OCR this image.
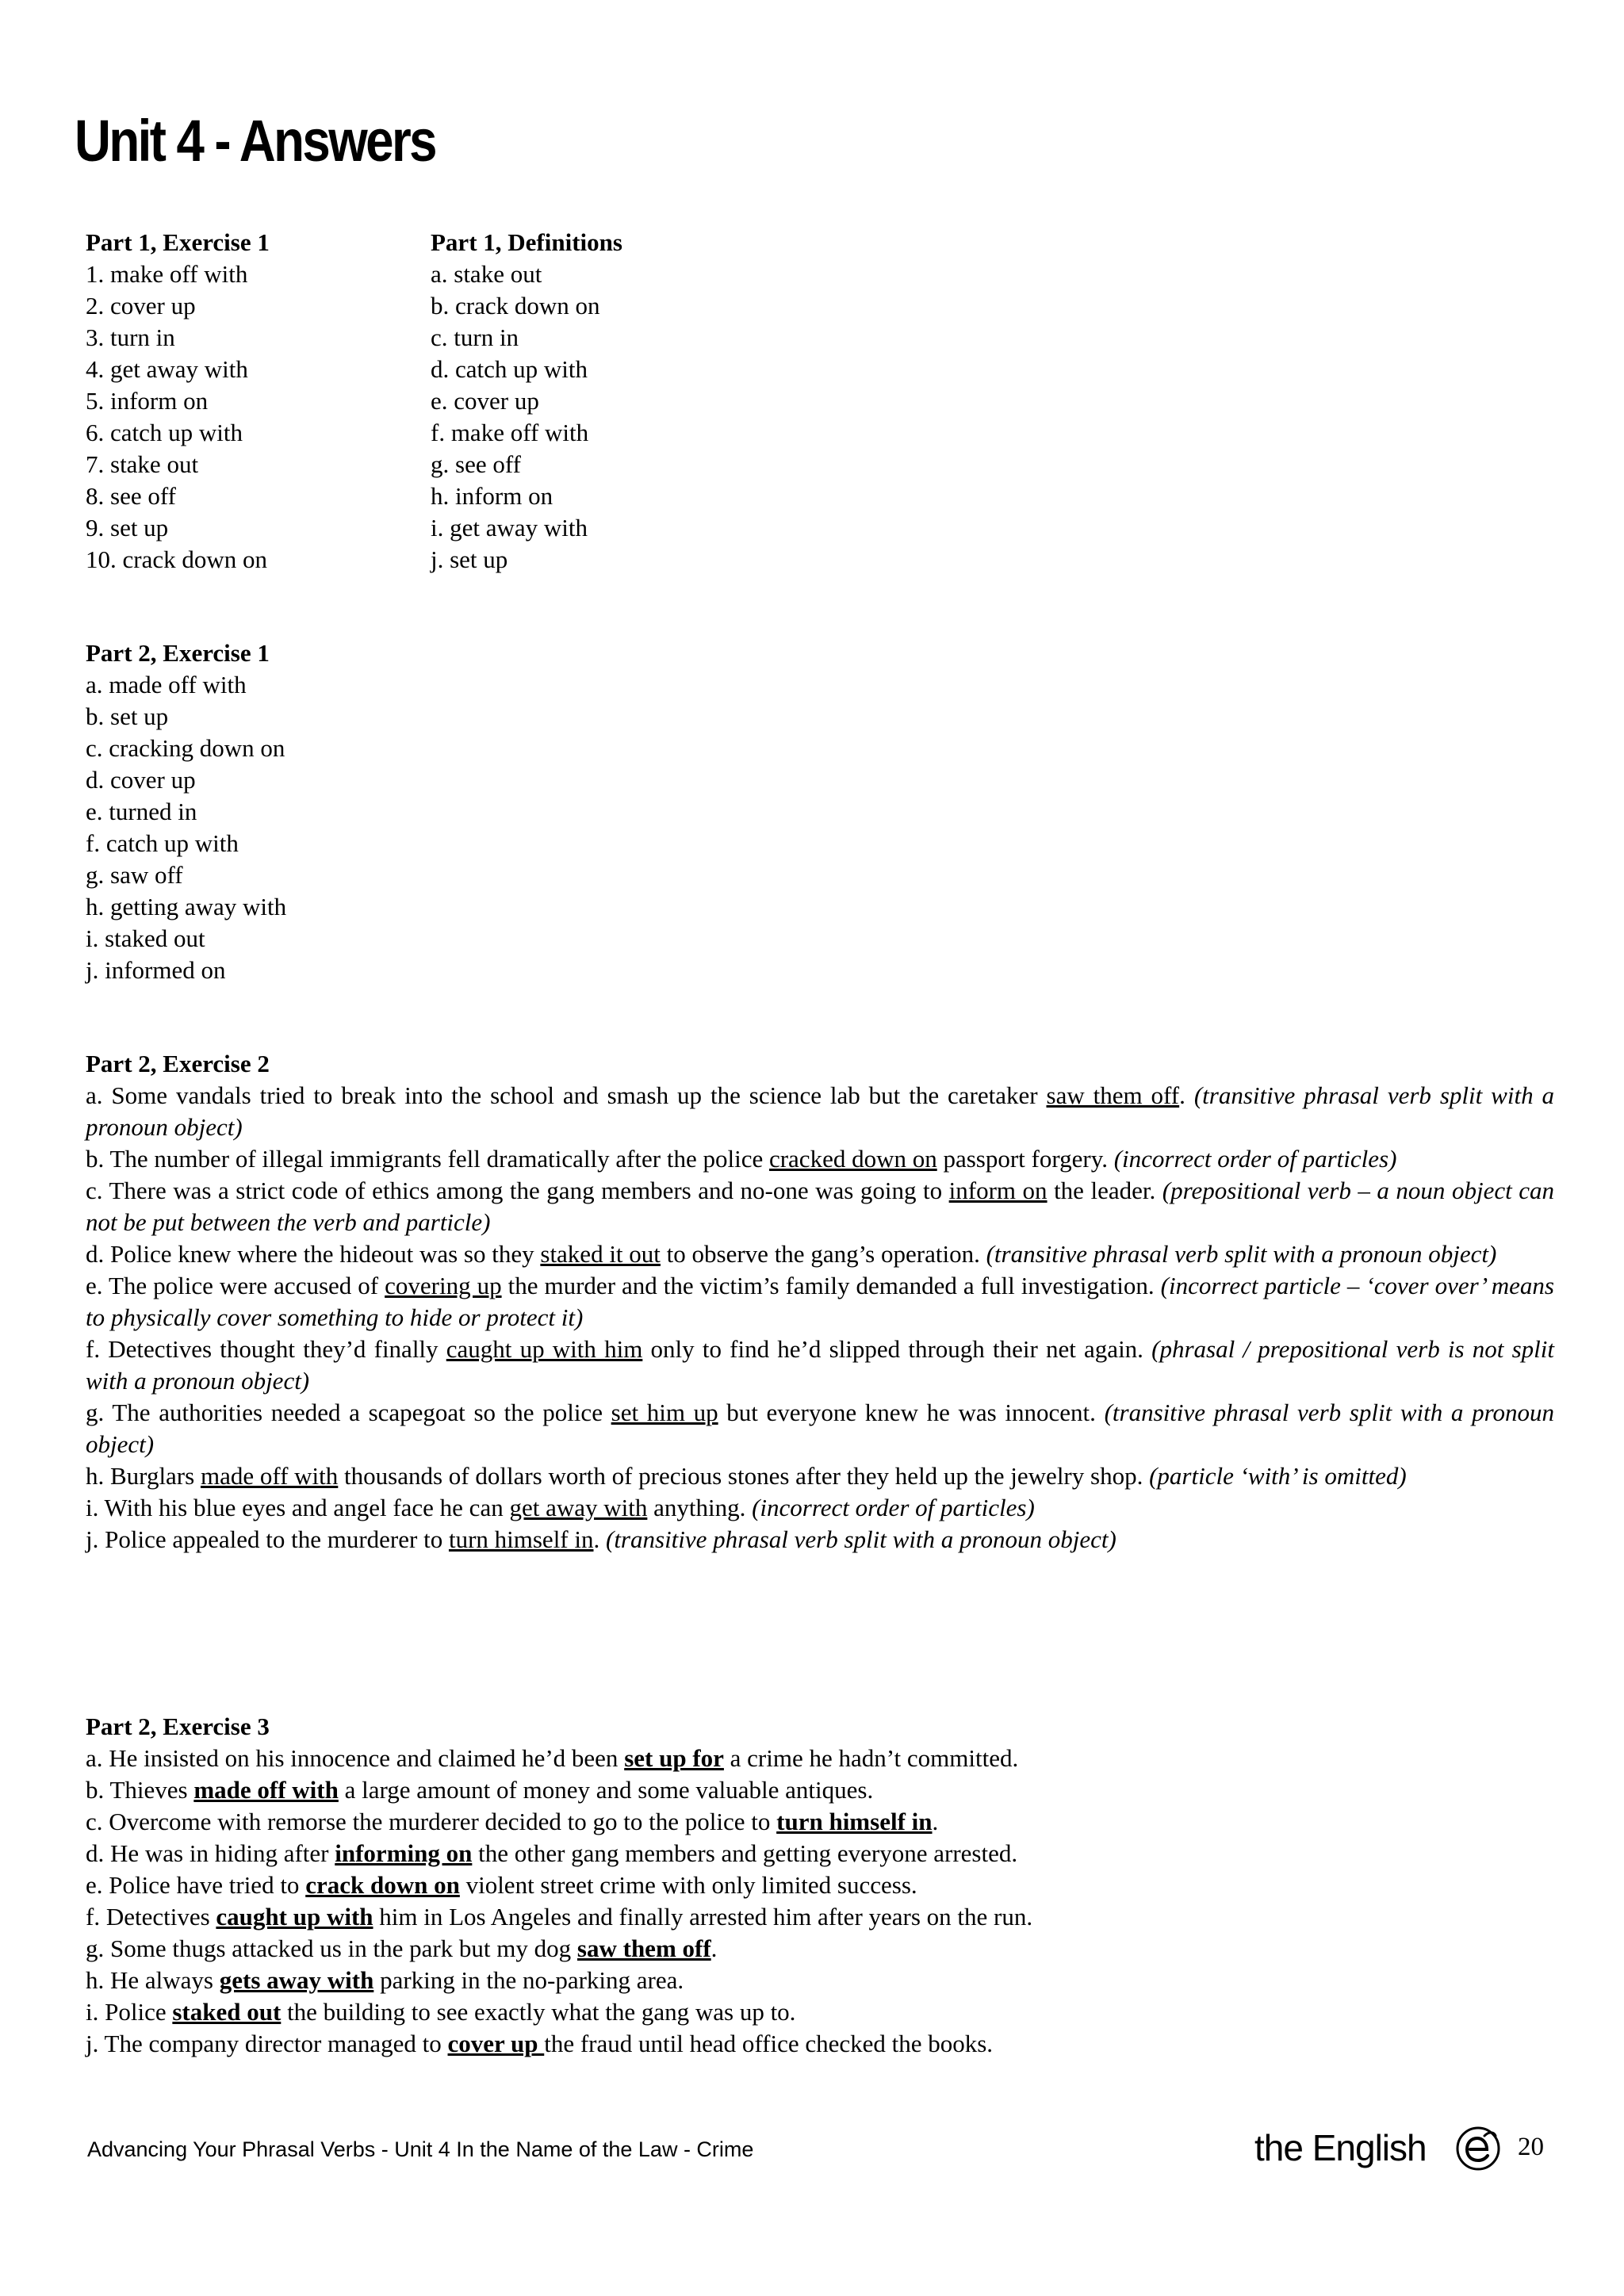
Unit 4 - Answers
Part 1, Exercise 1
1. make off with
2. cover up
3. turn in
4. get away with
5. inform on
6. catch up with
7. stake out
8. see off
9. set up
10. crack down on
Part 1, Definitions
a. stake out
b. crack down on
c. turn in
d. catch up with
e. cover up
f. make off with
g. see off
h. inform on
i. get away with
j. set up
Part 2, Exercise 1
a. made off with
b. set up
c. cracking down on
d. cover up
e. turned in
f. catch up with
g. saw off
h. getting away with
i. staked out
j. informed on
Part 2, Exercise 2
a. Some vandals tried to break into the school and smash up the science lab but the caretaker saw them off. (transitive phrasal verb split with a pronoun object)
b. The number of illegal immigrants fell dramatically after the police cracked down on passport forgery. (incorrect order of particles)
c. There was a strict code of ethics among the gang members and no-one was going to inform on the leader. (prepositional verb – a noun object can not be put between the verb and particle)
d. Police knew where the hideout was so they staked it out to observe the gang’s operation. (transitive phrasal verb split with a pronoun object)
e. The police were accused of covering up the murder and the victim’s family demanded a full investigation. (incorrect particle – ‘cover over’ means to physically cover something to hide or protect it)
f. Detectives thought they’d finally caught up with him only to find he’d slipped through their net again. (phrasal / prepositional verb is not split with a pronoun object)
g. The authorities needed a scapegoat so the police set him up but everyone knew he was innocent. (transitive phrasal verb split with a pronoun object)
h. Burglars made off with thousands of dollars worth of precious stones after they held up the jewelry shop. (particle ‘with’ is omitted)
i. With his blue eyes and angel face he can get away with anything. (incorrect order of particles)
j. Police appealed to the murderer to turn himself in. (transitive phrasal verb split with a pronoun object)
Part 2, Exercise 3
a. He insisted on his innocence and claimed he’d been set up for a crime he hadn’t committed.
b. Thieves made off with a large amount of money and some valuable antiques.
c. Overcome with remorse the murderer decided to go to the police to turn himself in.
d. He was in hiding after informing on the other gang members and getting everyone arrested.
e. Police have tried to crack down on violent street crime with only limited success.
f. Detectives caught up with him in Los Angeles and finally arrested him after years on the run.
g. Some thugs attacked us in the park but my dog saw them off.
h. He always gets away with parking in the no-parking area.
i. Police staked out the building to see exactly what the gang was up to.
j. The company director managed to cover up the fraud until head office checked the books.
Advancing Your Phrasal Verbs - Unit 4 In the Name of the Law - Crime	the English	20
